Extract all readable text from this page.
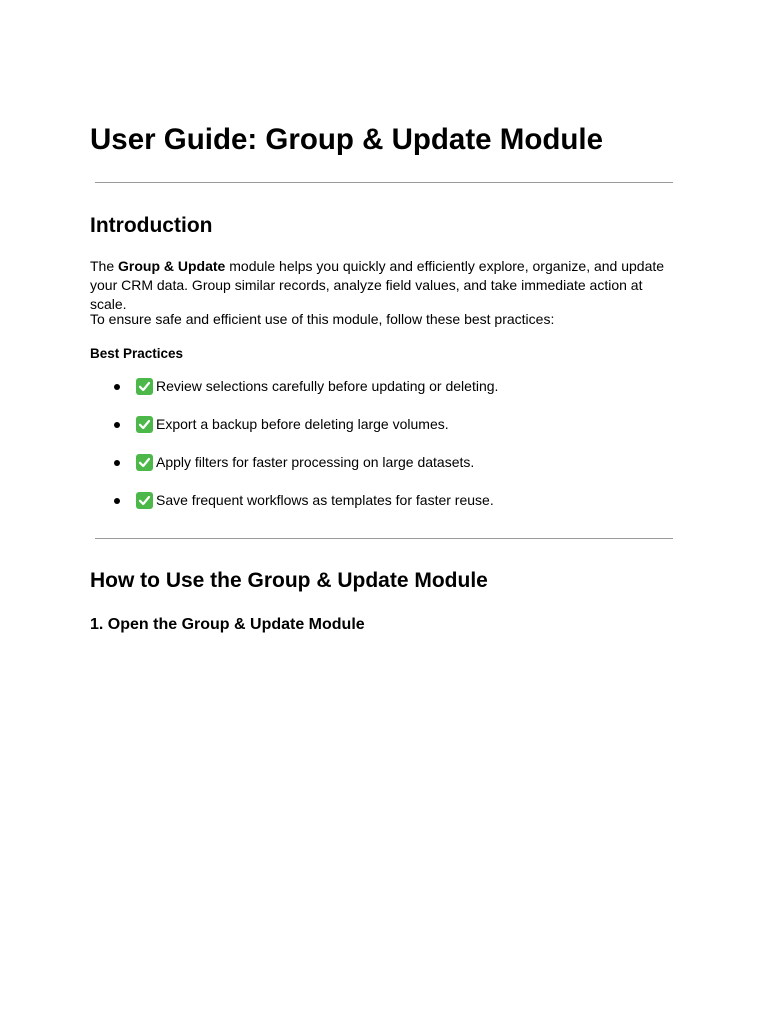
User Guide: Group & Update Module
Introduction

The Group & Update module helps you quickly and efficiently explore, organize, and update your CRM data. Group similar records, analyze field values, and take immediate action at scale.

To ensure safe and efficient use of this module, follow these best practices:

Best Practices

Review selections carefully before updating or deleting.
Export a backup before deleting large volumes.
Apply filters for faster processing on large datasets.
Save frequent workflows as templates for faster reuse.
How to Use the Group & Update Module
1. Open the Group & Update Module
